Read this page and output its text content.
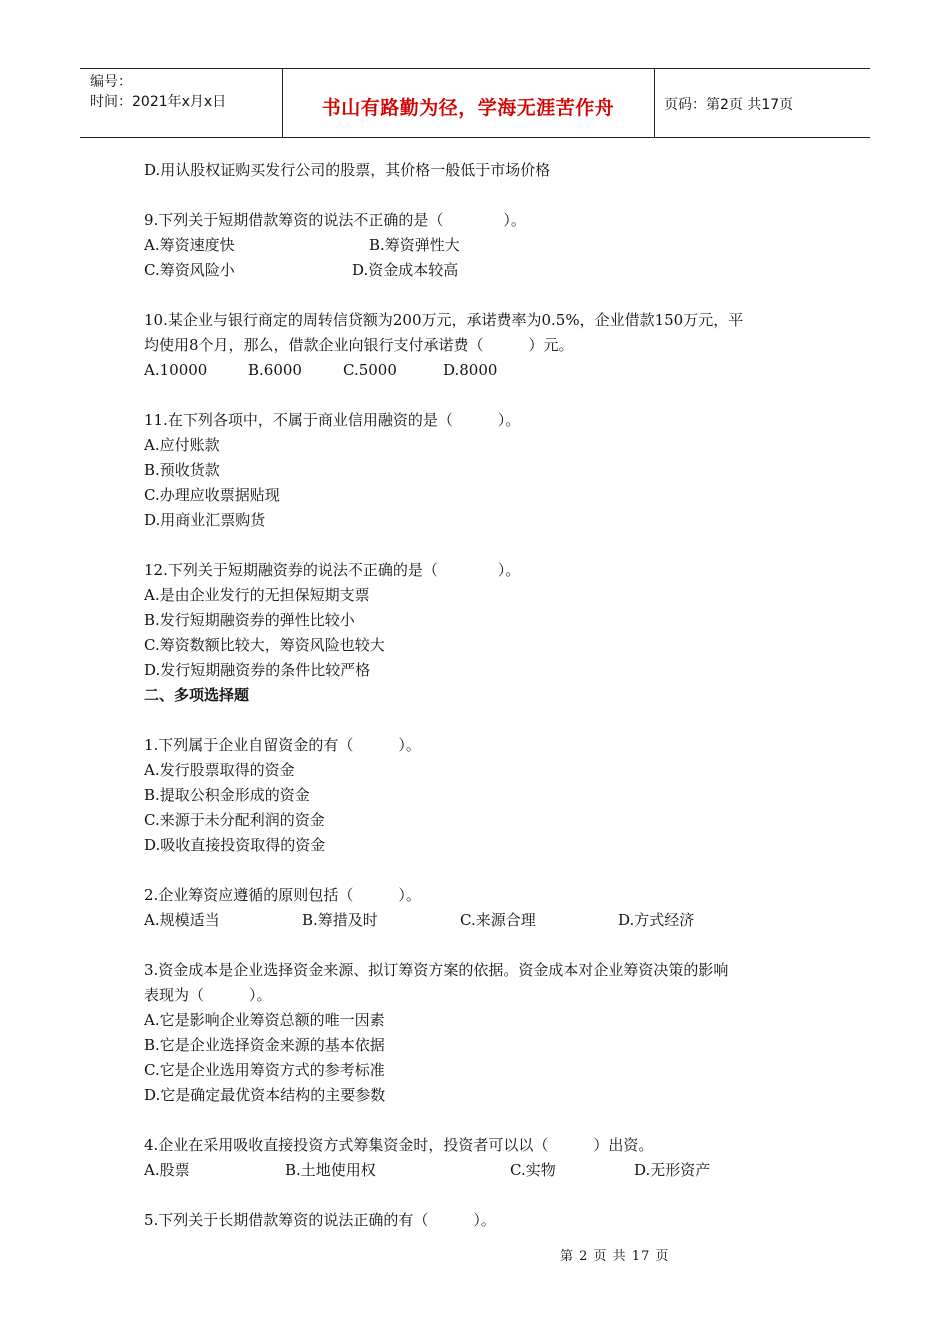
编号：
时间：2021年x月x日	书山有路勤为径，学海无涯苦作舟	页码：第2页 共17页
D.用认股权证购买发行公司的股票，其价格一般低于市场价格
9.下列关于短期借款筹资的说法不正确的是（　　　　）。
A.筹资速度快	B.筹资弹性大
C.筹资风险小	D.资金成本较高
10.某企业与银行商定的周转信贷额为200万元，承诺费率为0.5%，企业借款150万元，平
均使用8个月，那么，借款企业向银行支付承诺费（　　　）元。
A.10000	B.6000	C.5000	D.8000
11.在下列各项中，不属于商业信用融资的是（　　　）。
A.应付账款
B.预收货款
C.办理应收票据贴现
D.用商业汇票购货
12.下列关于短期融资券的说法不正确的是（　　　　）。
A.是由企业发行的无担保短期支票
B.发行短期融资券的弹性比较小
C.筹资数额比较大，筹资风险也较大
D.发行短期融资券的条件比较严格
二、多项选择题
1.下列属于企业自留资金的有（　　　）。
A.发行股票取得的资金
B.提取公积金形成的资金
C.来源于未分配利润的资金
D.吸收直接投资取得的资金
2.企业筹资应遵循的原则包括（　　　）。
A.规模适当	B.筹措及时	C.来源合理	D.方式经济
3.资金成本是企业选择资金来源、拟订筹资方案的依据。资金成本对企业筹资决策的影响
表现为（　　　）。
A.它是影响企业筹资总额的唯一因素
B.它是企业选择资金来源的基本依据
C.它是企业选用筹资方式的参考标准
D.它是确定最优资本结构的主要参数
4.企业在采用吸收直接投资方式筹集资金时，投资者可以以（　　　）出资。
A.股票	B.土地使用权	C.实物	D.无形资产
5.下列关于长期借款筹资的说法正确的有（　　　）。
第 2 页 共 17 页
